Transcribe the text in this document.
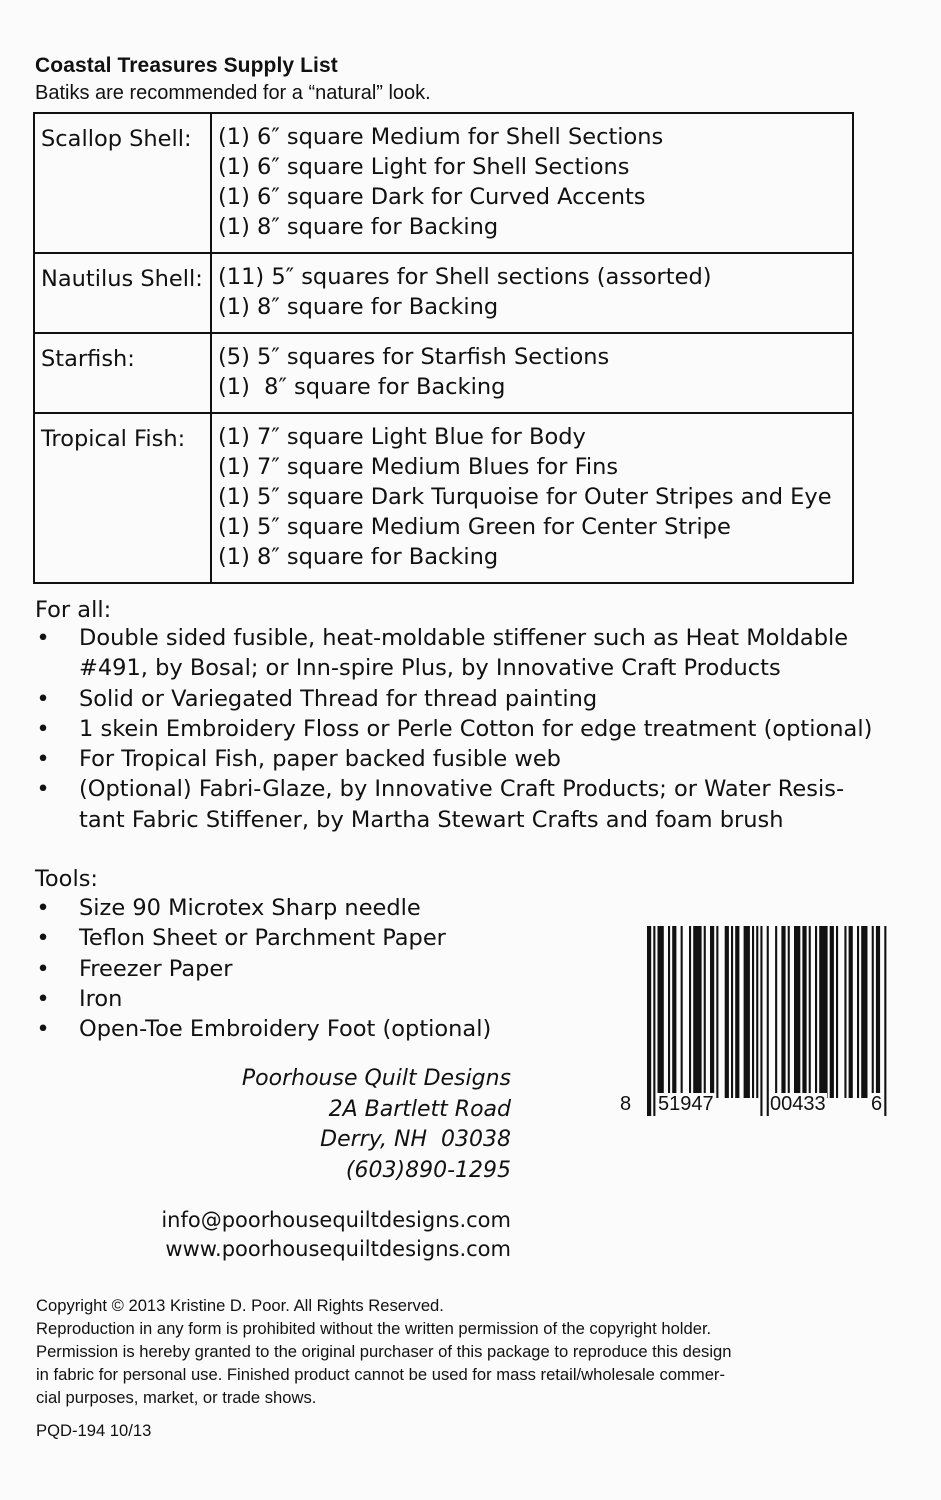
Coastal Treasures Supply List
Batiks are recommended for a “natural” look.
Scallop Shell:	(1) 6″ square Medium for Shell Sections
(1) 6″ square Light for Shell Sections
(1) 6″ square Dark for Curved Accents
(1) 8″ square for Backing
Nautilus Shell: (11) 5″ squares for Shell sections (assorted)
(1) 8″ square for Backing
Starfish:	(5) 5″ squares for Starfish Sections
(1)  8″ square for Backing
Tropical Fish:	(1) 7″ square Light Blue for Body
(1) 7″ square Medium Blues for Fins
(1) 5″ square Dark Turquoise for Outer Stripes and Eye
(1) 5″ square Medium Green for Center Stripe
(1) 8″ square for Backing
For all:
• Double sided fusible, heat-moldable stiffener such as Heat Moldable
#491, by Bosal; or Inn-spire Plus, by Innovative Craft Products
• Solid or Variegated Thread for thread painting
• 1 skein Embroidery Floss or Perle Cotton for edge treatment (optional)
• For Tropical Fish, paper backed fusible web
• (Optional) Fabri-Glaze, by Innovative Craft Products; or Water Resis-
tant Fabric Stiffener, by Martha Stewart Crafts and foam brush
Tools:
• Size 90 Microtex Sharp needle
• Teflon Sheet or Parchment Paper
• Freezer Paper
• Iron
• Open-Toe Embroidery Foot (optional)
Poorhouse Quilt Designs
2A Bartlett Road
Derry, NH  03038
(603)890-1295
info@poorhousequiltdesigns.com
www.poorhousequiltdesigns.com
8 51947	00433 6
Copyright © 2013 Kristine D. Poor. All Rights Reserved.
Reproduction in any form is prohibited without the written permission of the copyright holder.
Permission is hereby granted to the original purchaser of this package to reproduce this design
in fabric for personal use. Finished product cannot be used for mass retail/wholesale commer-
cial purposes, market, or trade shows.
PQD-194 10/13
